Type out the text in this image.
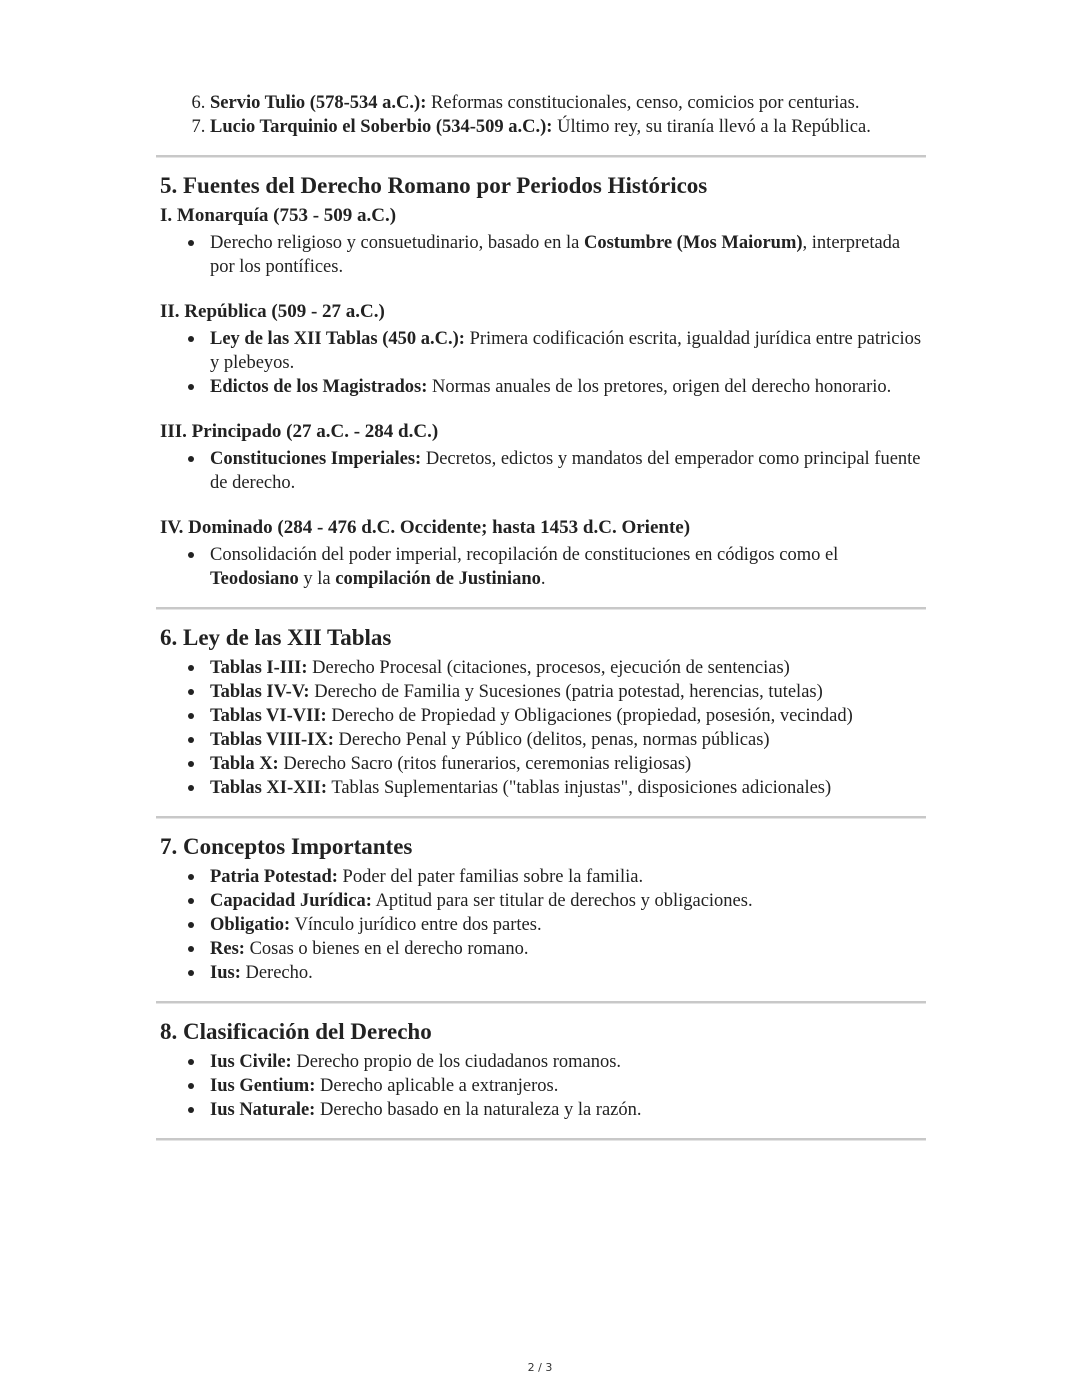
6. Servio Tulio (578-534 a.C.): Reformas constitucionales, censo, comicios por centurias.
7. Lucio Tarquinio el Soberbio (534-509 a.C.): Último rey, su tiranía llevó a la República.
5. Fuentes del Derecho Romano por Periodos Históricos
I. Monarquía (753 - 509 a.C.)
Derecho religioso y consuetudinario, basado en la Costumbre (Mos Maiorum), interpretada por los pontífices.
II. República (509 - 27 a.C.)
Ley de las XII Tablas (450 a.C.): Primera codificación escrita, igualdad jurídica entre patricios y plebeyos.
Edictos de los Magistrados: Normas anuales de los pretores, origen del derecho honorario.
III. Principado (27 a.C. - 284 d.C.)
Constituciones Imperiales: Decretos, edictos y mandatos del emperador como principal fuente de derecho.
IV. Dominado (284 - 476 d.C. Occidente; hasta 1453 d.C. Oriente)
Consolidación del poder imperial, recopilación de constituciones en códigos como el Teodosiano y la compilación de Justiniano.
6. Ley de las XII Tablas
Tablas I-III: Derecho Procesal (citaciones, procesos, ejecución de sentencias)
Tablas IV-V: Derecho de Familia y Sucesiones (patria potestad, herencias, tutelas)
Tablas VI-VII: Derecho de Propiedad y Obligaciones (propiedad, posesión, vecindad)
Tablas VIII-IX: Derecho Penal y Público (delitos, penas, normas públicas)
Tabla X: Derecho Sacro (ritos funerarios, ceremonias religiosas)
Tablas XI-XII: Tablas Suplementarias ("tablas injustas", disposiciones adicionales)
7. Conceptos Importantes
Patria Potestad: Poder del pater familias sobre la familia.
Capacidad Jurídica: Aptitud para ser titular de derechos y obligaciones.
Obligatio: Vínculo jurídico entre dos partes.
Res: Cosas o bienes en el derecho romano.
Ius: Derecho.
8. Clasificación del Derecho
Ius Civile: Derecho propio de los ciudadanos romanos.
Ius Gentium: Derecho aplicable a extranjeros.
Ius Naturale: Derecho basado en la naturaleza y la razón.
2 / 3
